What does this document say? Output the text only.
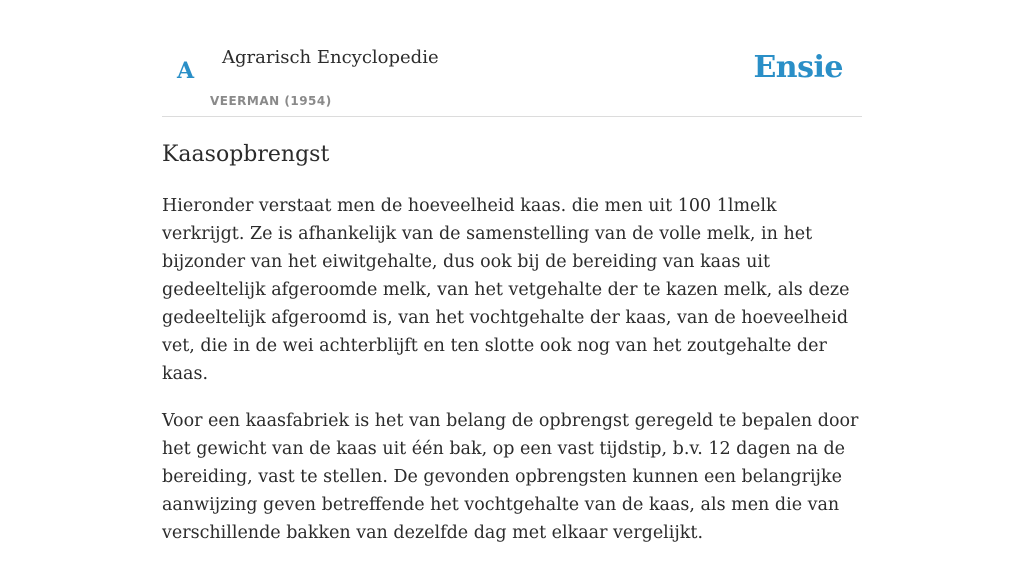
A
Agrarisch Encyclopedie
VEERMAN (1954)
Ensie
Kaasopbrengst

Hieronder verstaat men de hoeveelheid kaas. die men uit 100 1lmelk verkrijgt. Ze is afhankelijk van de samenstelling van de volle melk, in het bijzonder van het eiwitgehalte, dus ook bij de bereiding van kaas uit gedeeltelijk afgeroomde melk, van het vetgehalte der te kazen melk, als deze gedeeltelijk afgeroomd is, van het vochtgehalte der kaas, van de hoeveelheid vet, die in de wei achterblijft en ten slotte ook nog van het zoutgehalte der kaas.

Voor een kaasfabriek is het van belang de opbrengst geregeld te bepalen door het gewicht van de kaas uit één bak, op een vast tijdstip, b.v. 12 dagen na de bereiding, vast te stellen. De gevonden opbrengsten kunnen een belangrijke aanwijzing geven betreffende het vochtgehalte van de kaas, als men die van verschillende bakken van dezelfde dag met elkaar vergelijkt.
